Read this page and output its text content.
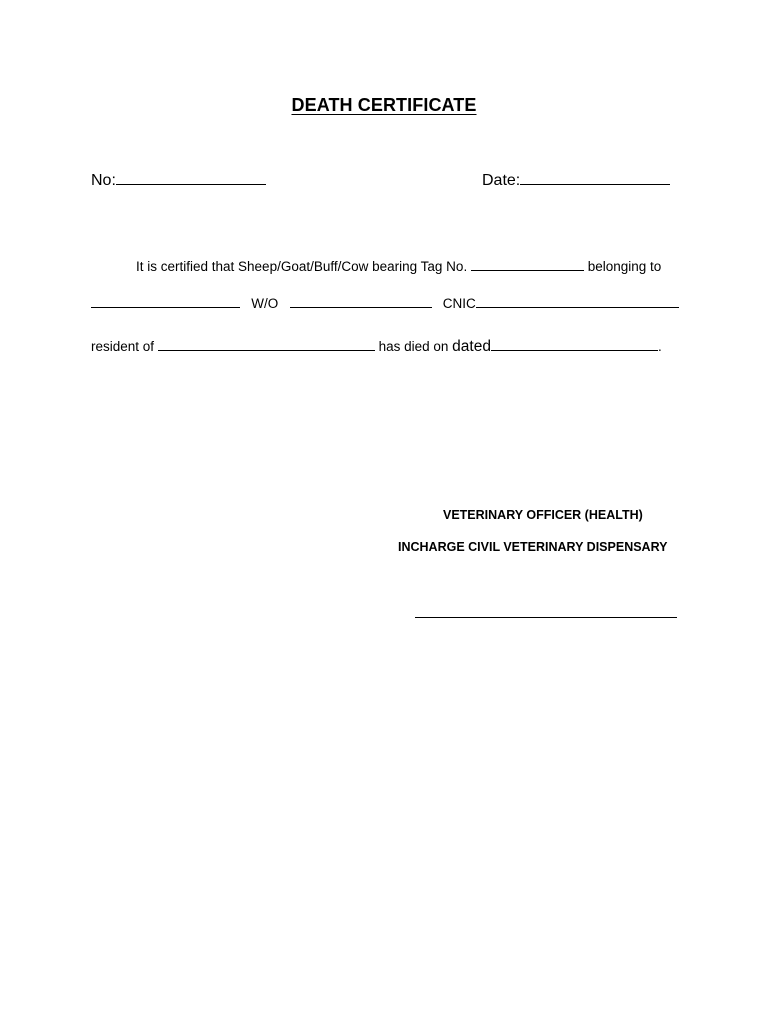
DEATH CERTIFICATE
No:	Date:
It is certified that Sheep/Goat/Buff/Cow bearing Tag No.	belonging to
W/O	CNIC
resident of	has died on dated	.
VETERINARY OFFICER (HEALTH)
INCHARGE CIVIL VETERINARY DISPENSARY
